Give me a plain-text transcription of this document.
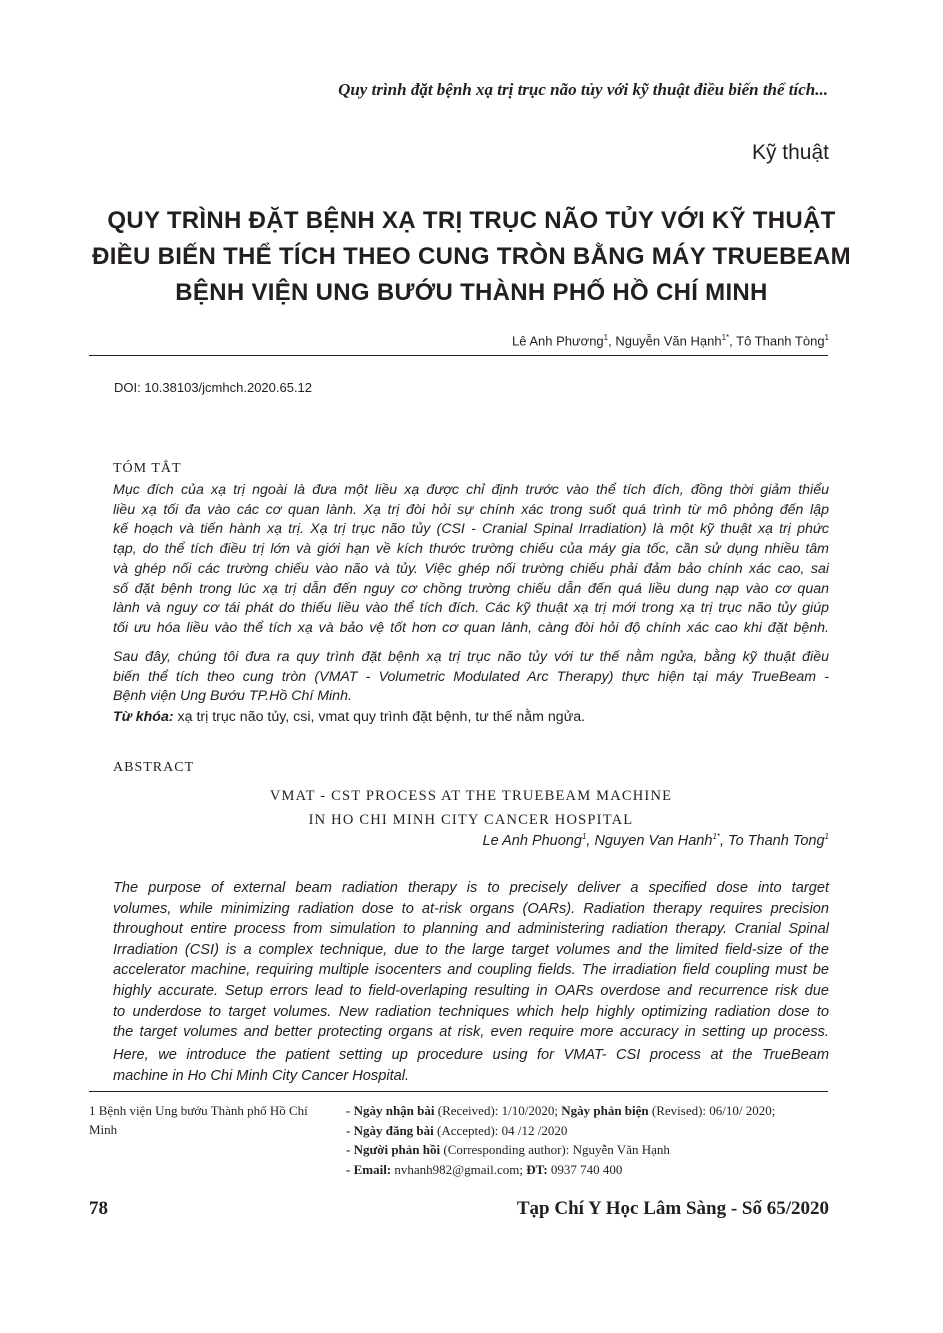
Quy trình đặt bệnh xạ trị trục não tủy với kỹ thuật điều biến thể tích...
Kỹ thuật
QUY TRÌNH ĐẶT BỆNH XẠ TRỊ TRỤC NÃO TỦY VỚI KỸ THUẬT
ĐIỀU BIẾN THỂ TÍCH THEO CUNG TRÒN BẰNG MÁY TRUEBEAM
BỆNH VIỆN UNG BƯỚU THÀNH PHỐ HỒ CHÍ MINH
Lê Anh Phương$^1$, Nguyễn Văn Hạnh$^{1*}$, Tô Thanh Tòng$^1$
DOI: 10.38103/jcmhch.2020.65.12
TÓM TẮT
Mục đích của xạ trị ngoài là đưa một liều xạ được chỉ định trước vào thể tích đích, đồng thời giảm thiểu
liều xạ tối đa vào các cơ quan lành. Xạ trị đòi hỏi sự chính xác trong suốt quá trình từ mô phỏng đến lập
kế hoạch và tiến hành xạ trị. Xạ trị trục não tủy (CSI - Cranial Spinal Irradiation) là một kỹ thuật xạ trị phức
tạp, do thể tích điều trị lớn và giới hạn về kích thước trường chiếu của máy gia tốc, cần sử dụng nhiều tâm
và ghép nối các trường chiếu vào não và tủy. Việc ghép nối trường chiếu phải đảm bảo chính xác cao, sai
số đặt bệnh trong lúc xạ trị dẫn đến nguy cơ chồng trường chiếu dẫn đến quá liều dung nạp vào cơ quan
lành và nguy cơ tái phát do thiếu liều vào thể tích đích. Các kỹ thuật xạ trị mới trong xạ trị trục não tủy giúp
tối ưu hóa liều vào thể tích xạ và bảo vệ tốt hơn cơ quan lành, càng đòi hỏi độ chính xác cao khi đặt bệnh.
Sau đây, chúng tôi đưa ra quy trình đặt bệnh xạ trị trục não tủy với tư thế nằm ngửa, bằng kỹ thuật điều
biến thể tích theo cung tròn (VMAT - Volumetric Modulated Arc Therapy) thực hiện tại máy TrueBeam -
Bệnh viện Ung Bướu TP.Hồ Chí Minh.
Từ khóa: xạ trị trục não tủy, csi, vmat quy trình đặt bệnh, tư thế nằm ngửa.
ABSTRACT
VMAT - CST PROCESS AT THE TRUEBEAM MACHINE
IN HO CHI MINH CITY CANCER HOSPITAL
Le Anh Phuong$^1$, Nguyen Van Hanh$^{1*}$, To Thanh Tong$^1$
The purpose of external beam radiation therapy is to precisely deliver a specified dose into target
volumes, while minimizing radiation dose to at-risk organs (OARs). Radiation therapy requires precision
throughout entire process from simulation to planning and administering radiation therapy. Cranial Spinal
Irradiation (CSI) is a complex technique, due to the large target volumes and the limited field-size of the
accelerator machine, requiring multiple isocenters and coupling fields. The irradiation field coupling must be
highly accurate. Setup errors lead to field-overlaping resulting in OARs overdose and recurrence risk due
to underdose to target volumes. New radiation techniques which help highly optimizing radiation dose to
the target volumes and better protecting organs at risk, even require more accuracy in setting up process.
Here, we introduce the patient setting up procedure using for VMAT- CSI process at the TrueBeam
machine in Ho Chi Minh City Cancer Hospital.
1 Bệnh viện Ung bướu Thành phố Hồ Chí
Minh
- Ngày nhận bài (Received): 1/10/2020; Ngày phản biện (Revised): 06/10/ 2020;
- Ngày đăng bài (Accepted): 04 /12 /2020
- Người phản hồi (Corresponding author): Nguyễn Văn Hạnh
- Email: nvhanh982@gmail.com; ĐT: 0937 740 400
78	Tạp Chí Y Học Lâm Sàng - Số 65/2020
